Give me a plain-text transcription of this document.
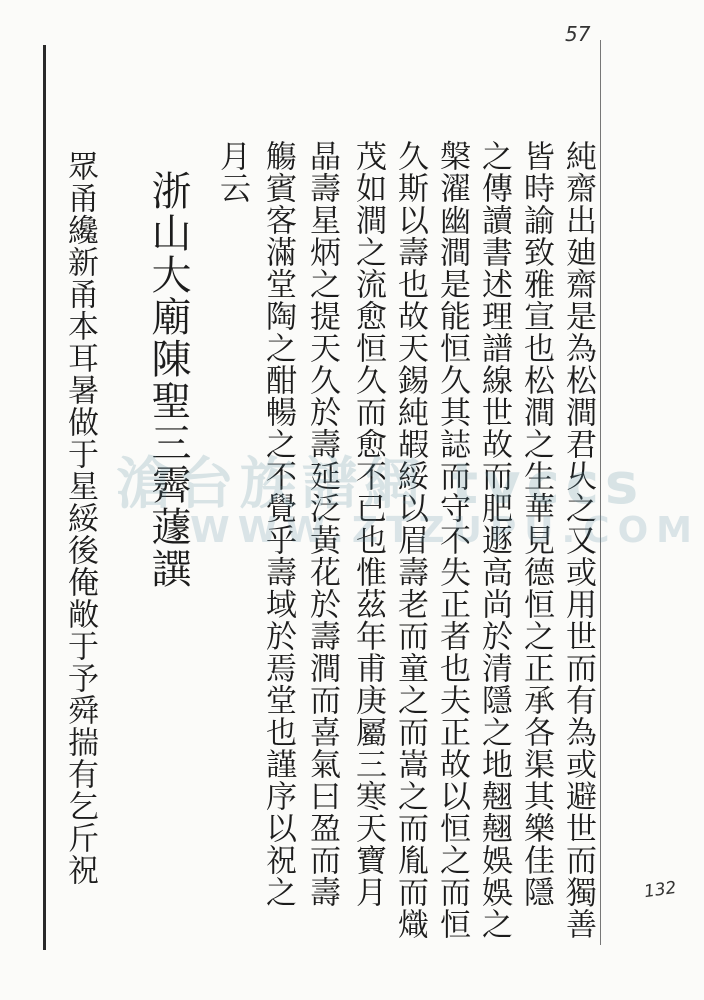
57
132
純齋出廸齋是為松澗君乆之又或用世而有為或避世而獨善
皆時諭致雅宣也松澗之生華見德恒之正承各渠其樂佳隱
之傳讀書述理譜線世故而肥遯高尚於清隱之地翹翹娛娛之
槃濯幽澗是能恒久其誌而守不失正者也夫正故以恒之而恒
久斯以壽也故天錫純嘏綏以眉壽老而童之而嵩之而胤而熾
茂如澗之流愈恒久而愈不已也惟茲年甫庚屬三寒天寶月
晶壽星炳之提天久於壽延泛黃花於壽澗而喜氣曰盈而壽
觴賓客滿堂陶之酣暢之不覺乎壽域於焉堂也謹序以祝之
月云
浙山大廟陳聖三霽蘧譔
眾甬纔新甬本耳暑做于星綏後俺敞于予舜揣有乞斤祝 滄台族譜網 tvccs
WWW.ZTZUPU.COM
